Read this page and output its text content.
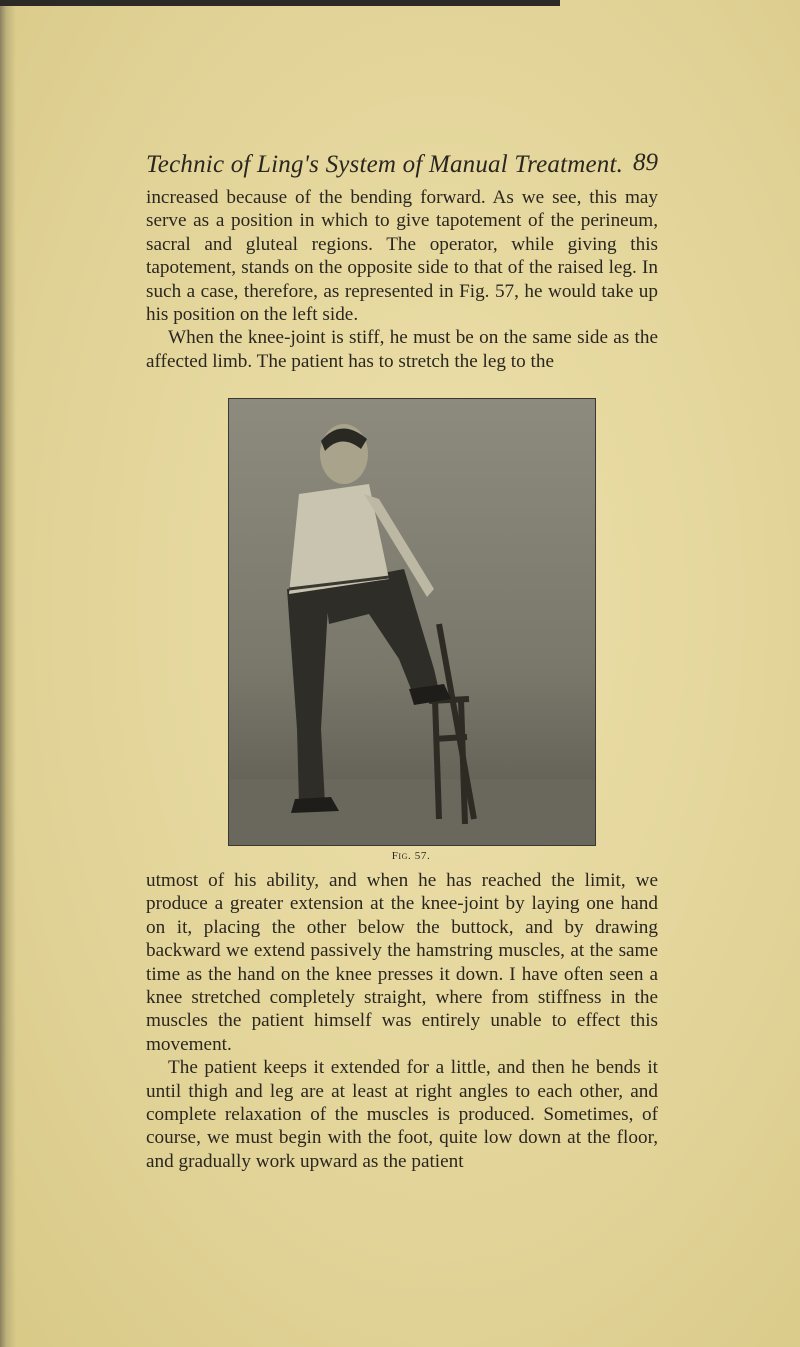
Technic of Ling's System of Manual Treatment. 89

increased because of the bending forward. As we see, this may serve as a position in which to give tapotement of the perineum, sacral and gluteal regions. The operator, while giving this tapotement, stands on the opposite side to that of the raised leg. In such a case, therefore, as represented in Fig. 57, he would take up his position on the left side.

When the knee-joint is stiff, he must be on the same side as the affected limb. The patient has to stretch the leg to the

Fig. 57.

utmost of his ability, and when he has reached the limit, we produce a greater extension at the knee-joint by laying one hand on it, placing the other below the buttock, and by drawing backward we extend passively the hamstring muscles, at the same time as the hand on the knee presses it down. I have often seen a knee stretched completely straight, where from stiffness in the muscles the patient himself was entirely unable to effect this movement.

The patient keeps it extended for a little, and then he bends it until thigh and leg are at least at right angles to each other, and complete relaxation of the muscles is produced. Sometimes, of course, we must begin with the foot, quite low down at the floor, and gradually work upward as the patient
